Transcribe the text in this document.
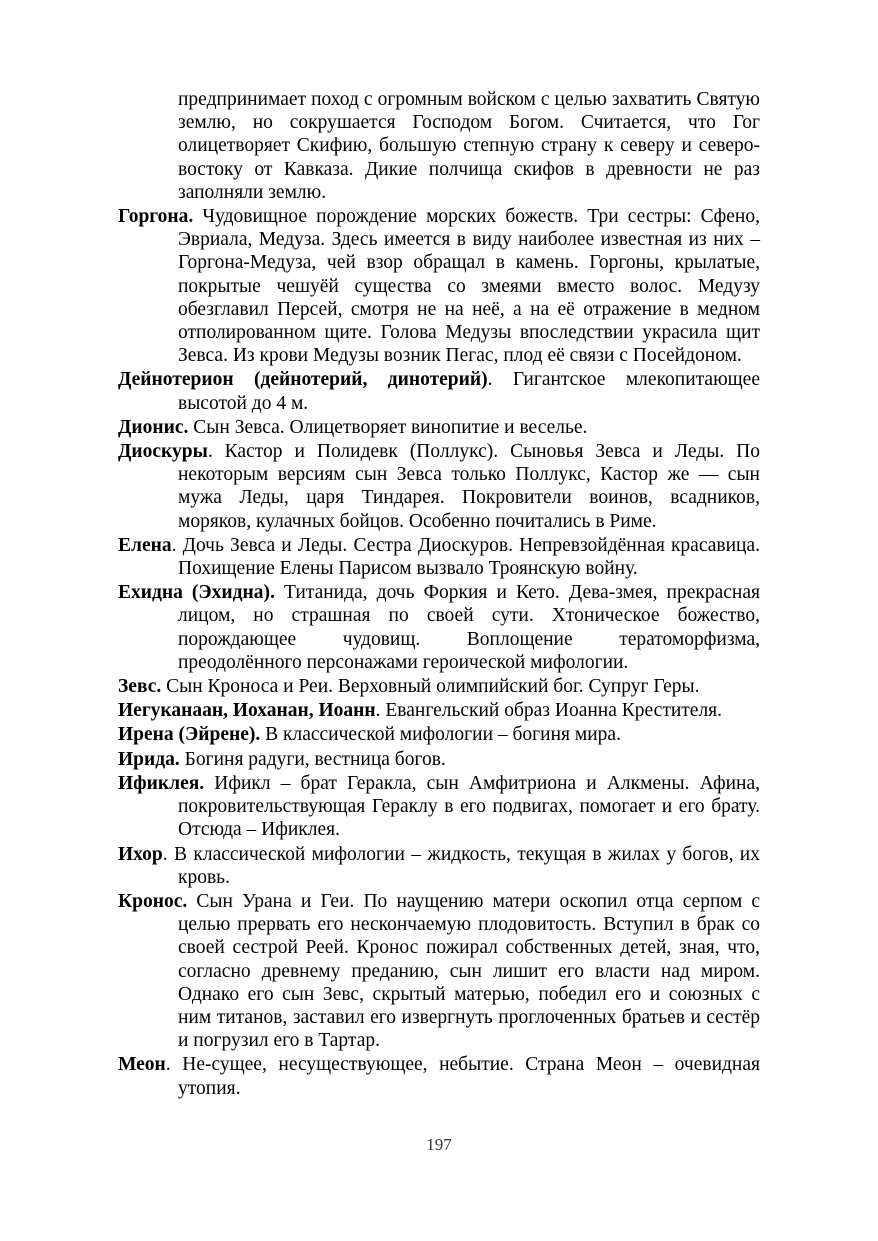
предпринимает поход с огромным войском с целью захватить Святую землю, но сокрушается Господом Богом. Считается, что Гог олицетворяет Скифию, большую степную страну к северу и северо-востоку от Кавказа. Дикие полчища скифов в древности не раз заполняли землю.

Горгона. Чудовищное порождение морских божеств. Три сестры: Сфено, Эвриала, Медуза. Здесь имеется в виду наиболее известная из них – Горгона-Медуза, чей взор обращал в камень. Горгоны, крылатые, покрытые чешуёй существа со змеями вместо волос. Медузу обезглавил Персей, смотря не на неё, а на её отражение в медном отполированном щите. Голова Медузы впоследствии украсила щит Зевса. Из крови Медузы возник Пегас, плод её связи с Посейдоном.

Дейнотерион (дейнотерий, динотерий). Гигантское млекопитающее высотой до 4 м.

Дионис. Сын Зевса. Олицетворяет винопитие и веселье.

Диоскуры. Кастор и Полидевк (Поллукс). Сыновья Зевса и Леды. По некоторым версиям сын Зевса только Поллукс, Кастор же — сын мужа Леды, царя Тиндарея. Покровители воинов, всадников, моряков, кулачных бойцов. Особенно почитались в Риме.

Елена. Дочь Зевса и Леды. Сестра Диоскуров. Непревзойдённая красавица. Похищение Елены Парисом вызвало Троянскую войну.

Ехидна (Эхидна). Титанида, дочь Форкия и Кето. Дева-змея, прекрасная лицом, но страшная по своей сути. Хтоническое божество, порождающее чудовищ. Воплощение тератоморфизма, преодолённого персонажами героической мифологии.

Зевс. Сын Кроноса и Реи. Верховный олимпийский бог. Супруг Геры.

Иегуканаан, Иоханан, Иоанн. Евангельский образ Иоанна Крестителя.

Ирена (Эйрене). В классической мифологии – богиня мира.

Ирида. Богиня радуги, вестница богов.

Ификлея. Ификл – брат Геракла, сын Амфитриона и Алкмены. Афина, покровительствующая Гераклу в его подвигах, помогает и его брату. Отсюда – Ификлея.

Ихор. В классической мифологии – жидкость, текущая в жилах у богов, их кровь.

Кронос. Сын Урана и Геи. По наущению матери оскопил отца серпом с целью прервать его нескончаемую плодовитость. Вступил в брак со своей сестрой Реей. Кронос пожирал собственных детей, зная, что, согласно древнему преданию, сын лишит его власти над миром. Однако его сын Зевс, скрытый матерью, победил его и союзных с ним титанов, заставил его извергнуть проглоченных братьев и сестёр и погрузил его в Тартар.

Меон. Не-сущее, несуществующее, небытие. Страна Меон – очевидная утопия.

197
